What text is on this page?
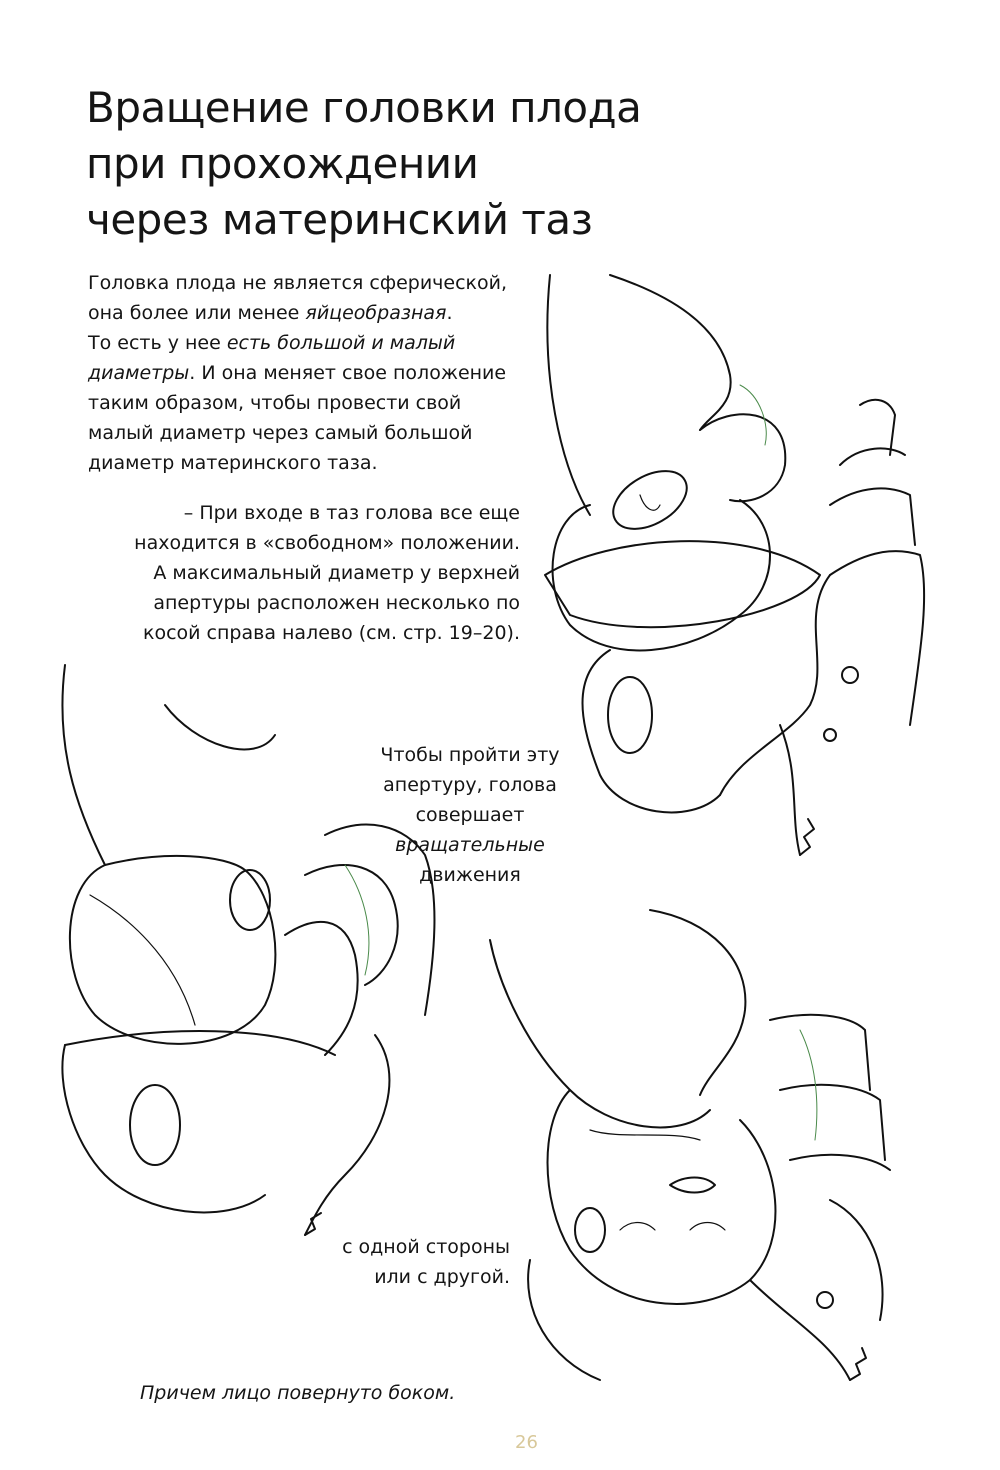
Вращение головки плода
при прохождении
через материнский таз

Головка плода не является сферической,
она более или менее яйцеобразная.
То есть у нее есть большой и малый
диаметры. И она меняет свое положение
таким образом, чтобы провести свой
малый диаметр через самый большой
диаметр материнского таза.

– При входе в таз голова все еще
находится в «свободном» положении.
А максимальный диаметр у верхней
апертуры расположен несколько по
косой справа налево (см. стр. 19–20).

Чтобы пройти эту
апертуру, голова
совершает
вращательные
движения

с одной стороны
или с другой.

Причем лицо повернуто боком.

26
